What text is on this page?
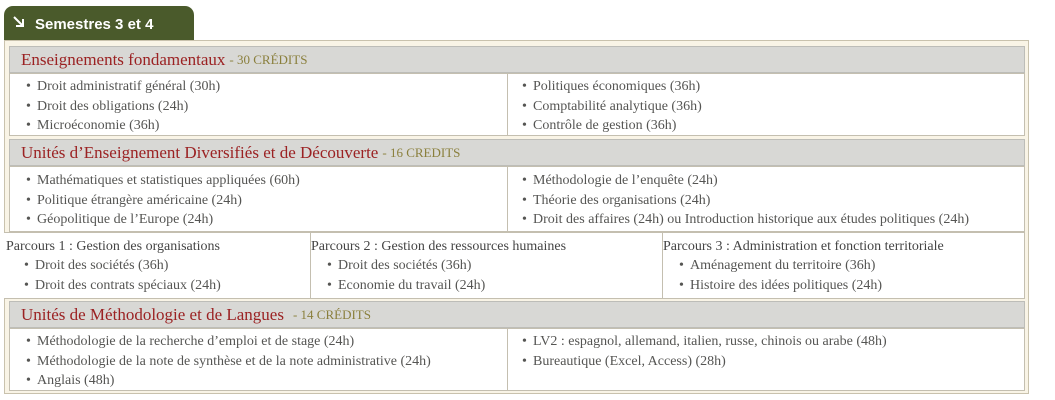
Semestres 3 et 4
Enseignements fondamentaux - 30 CRÉDITS
• Droit administratif général (30h)
• Droit des obligations (24h)
• Microéconomie (36h)
• Politiques économiques (36h)
• Comptabilité analytique (36h)
• Contrôle de gestion (36h)
Unités d’Enseignement Diversifiés et de Découverte - 16 CREDITS
• Mathématiques et statistiques appliquées (60h)
• Politique étrangère américaine (24h)
• Géopolitique de l’Europe (24h)
• Méthodologie de l’enquête (24h)
• Théorie des organisations (24h)
• Droit des affaires (24h) ou Introduction historique aux études politiques (24h)
Parcours 1 : Gestion des organisations
• Droit des sociétés (36h)
• Droit des contrats spéciaux (24h)
Parcours 2 : Gestion des ressources humaines
• Droit des sociétés (36h)
• Economie du travail (24h)
Parcours 3 : Administration et fonction territoriale
• Aménagement du territoire (36h)
• Histoire des idées politiques (24h)
Unités de Méthodologie et de Langues - 14 CRÉDITS
• Méthodologie de la recherche d’emploi et de stage (24h)
• Méthodologie de la note de synthèse et de la note administrative (24h)
• Anglais (48h)
• LV2 : espagnol, allemand, italien, russe, chinois ou arabe (48h)
• Bureautique (Excel, Access) (28h)
